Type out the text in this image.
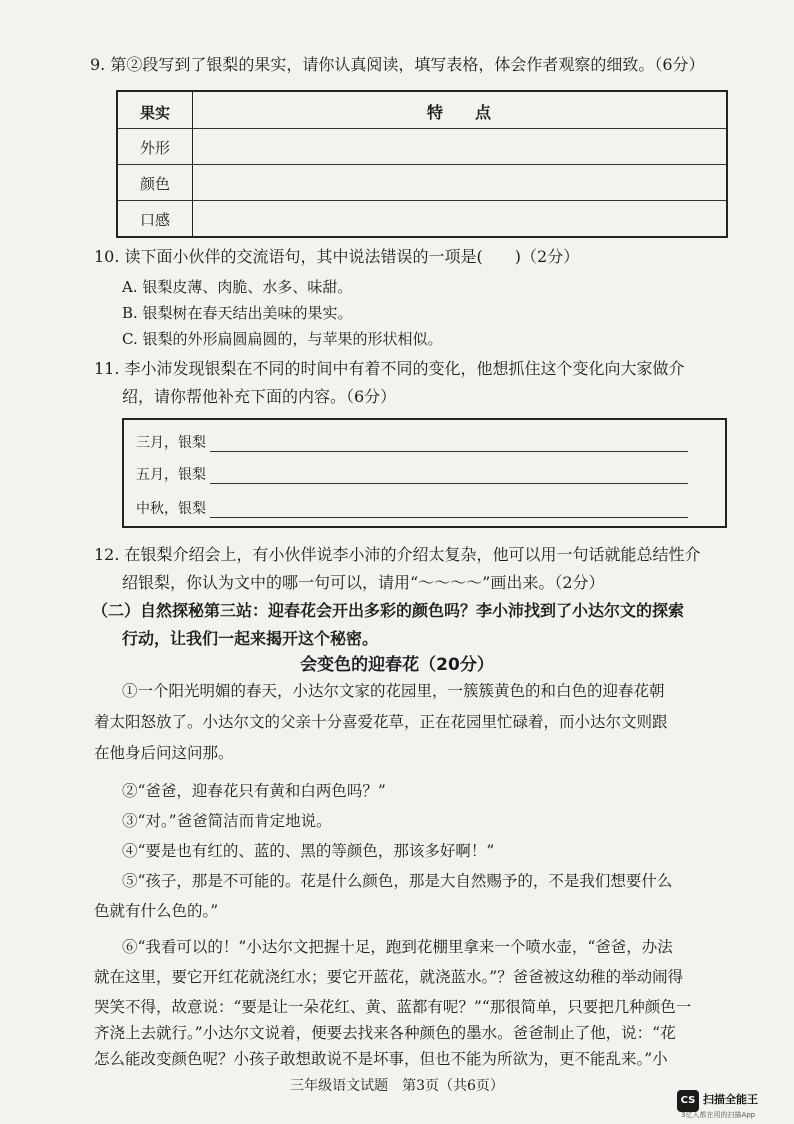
9. 第②段写到了银梨的果实，请你认真阅读，填写表格，体会作者观察的细致。（6分）
果实	特　　点
外形
颜色
口感
10. 读下面小伙伴的交流语句，其中说法错误的一项是(　　)（2分）
A. 银梨皮薄、肉脆、水多、味甜。
B. 银梨树在春天结出美味的果实。
C. 银梨的外形扁圆扁圆的，与苹果的形状相似。
11. 李小沛发现银梨在不同的时间中有着不同的变化，他想抓住这个变化向大家做介
绍，请你帮他补充下面的内容。（6分）
三月，银梨
五月，银梨
中秋，银梨
12. 在银梨介绍会上，有小伙伴说李小沛的介绍太复杂，他可以用一句话就能总结性介
绍银梨，你认为文中的哪一句可以，请用“～～～～”画出来。（2分）
（二）自然探秘第三站：迎春花会开出多彩的颜色吗？李小沛找到了小达尔文的探索
行动，让我们一起来揭开这个秘密。
会变色的迎春花（20分）
①一个阳光明媚的春天，小达尔文家的花园里，一簇簇黄色的和白色的迎春花朝
着太阳怒放了。小达尔文的父亲十分喜爱花草，正在花园里忙碌着，而小达尔文则跟
在他身后问这问那。
②“爸爸，迎春花只有黄和白两色吗？”
③“对。”爸爸简洁而肯定地说。
④“要是也有红的、蓝的、黑的等颜色，那该多好啊！”
⑤“孩子，那是不可能的。花是什么颜色，那是大自然赐予的，不是我们想要什么
色就有什么色的。”
⑥“我看可以的！”小达尔文把握十足，跑到花棚里拿来一个喷水壶，“爸爸，办法
就在这里，要它开红花就浇红水；要它开蓝花，就浇蓝水。”？爸爸被这幼稚的举动闹得
哭笑不得，故意说：“要是让一朵花红、黄、蓝都有呢？”“那很简单，只要把几种颜色一
齐浇上去就行。”小达尔文说着，便要去找来各种颜色的墨水。爸爸制止了他，说：“花
怎么能改变颜色呢？小孩子敢想敢说不是坏事，但也不能为所欲为，更不能乱来。”小
三年级语文试题　第3页（共6页）
CS 扫描全能王
3亿人都在用的扫描App
